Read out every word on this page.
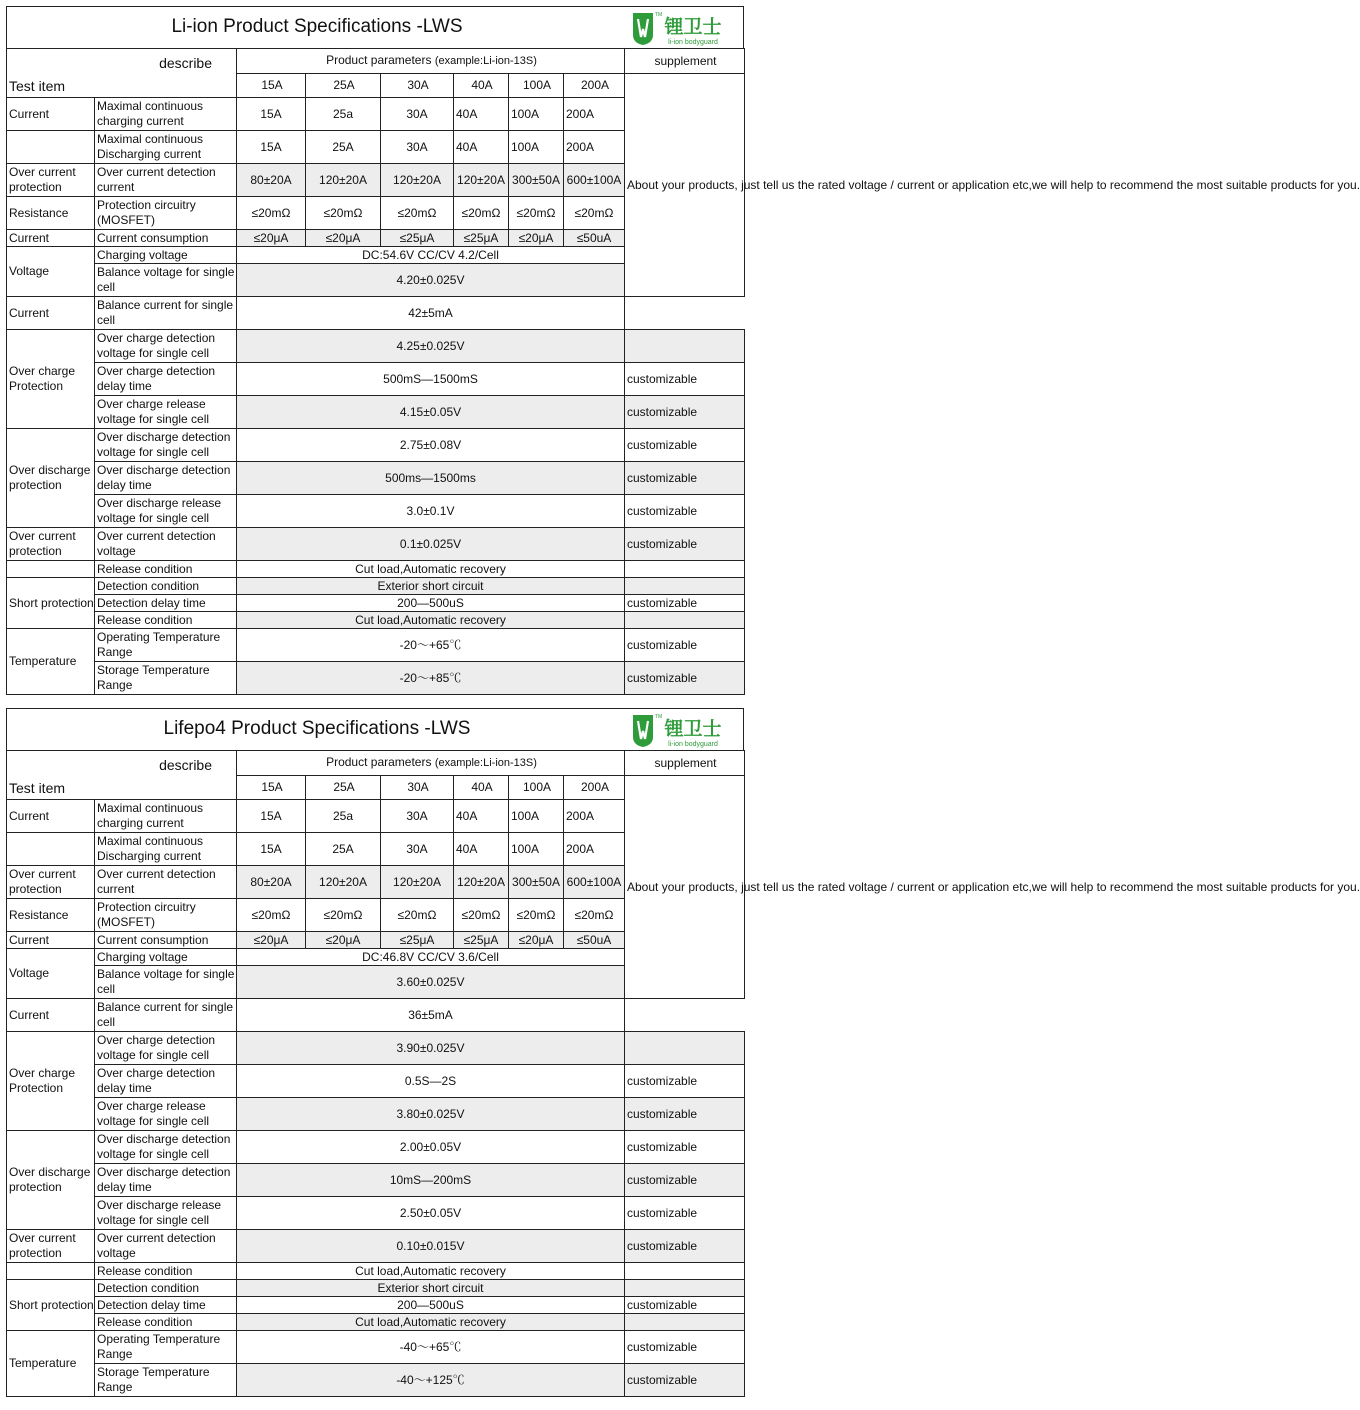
Li-ion Product Specifications -LWS	锂卫士
li-ion bodyguard
TM
describe
Test item		Product parameters (example:Li-ion-13S)						supplement
		15A	25A	30A	40A	100A	200A	About your products, just tell us the rated voltage / current or application etc,we will help to recommend the most suitable products for you.
Current	Maximal continuous charging current	15A	25a	30A	40A	100A	200A	
	Maximal continuous Discharging current	15A	25A	30A	40A	100A	200A	
Over current protection	Over current detection current	80±20A	120±20A	120±20A	120±20A	300±50A	600±100A	
Resistance	Protection circuitry (MOSFET)	≤20mΩ	≤20mΩ	≤20mΩ	≤20mΩ	≤20mΩ	≤20mΩ	
Current	Current consumption	≤20μA	≤20μA	≤25μA	≤25μA	≤20μA	≤50uA	
Voltage	Charging voltage	DC:54.6V CC/CV 4.2/Cell						
	Balance voltage for single cell	4.20±0.025V						
Current	Balance current for single cell	42±5mA						
Over charge Protection	Over charge detection voltage for single cell	4.25±0.025V						
	Over charge detection delay time	500mS—1500mS						customizable
	Over charge release voltage for single cell	4.15±0.05V						customizable
Over discharge protection	Over discharge detection voltage for single cell	2.75±0.08V						customizable
	Over discharge detection delay time	500ms—1500ms						customizable
	Over discharge release voltage for single cell	3.0±0.1V						customizable
Over current protection	Over current detection voltage	0.1±0.025V						customizable
	Release condition	Cut load,Automatic recovery						
Short protection	Detection condition	Exterior short circuit						
	Detection delay time	200—500uS						customizable
	Release condition	Cut load,Automatic recovery						
Temperature	Operating Temperature Range	-20～+65℃						customizable
	Storage Temperature Range	-20～+85℃						customizable
Lifepo4 Product Specifications -LWS	锂卫士
li-ion bodyguard
TM
describe
Test item		Product parameters (example:Li-ion-13S)						supplement
		15A	25A	30A	40A	100A	200A	About your products, just tell us the rated voltage / current or application etc,we will help to recommend the most suitable products for you.
Current	Maximal continuous charging current	15A	25a	30A	40A	100A	200A	
	Maximal continuous Discharging current	15A	25A	30A	40A	100A	200A	
Over current protection	Over current detection current	80±20A	120±20A	120±20A	120±20A	300±50A	600±100A	
Resistance	Protection circuitry (MOSFET)	≤20mΩ	≤20mΩ	≤20mΩ	≤20mΩ	≤20mΩ	≤20mΩ	
Current	Current consumption	≤20μA	≤20μA	≤25μA	≤25μA	≤20μA	≤50uA	
Voltage	Charging voltage	DC:46.8V CC/CV 3.6/Cell						
	Balance voltage for single cell	3.60±0.025V						
Current	Balance current for single cell	36±5mA						
Over charge Protection	Over charge detection voltage for single cell	3.90±0.025V						
	Over charge detection delay time	0.5S—2S						customizable
	Over charge release voltage for single cell	3.80±0.025V						customizable
Over discharge protection	Over discharge detection voltage for single cell	2.00±0.05V						customizable
	Over discharge detection delay time	10mS—200mS						customizable
	Over discharge release voltage for single cell	2.50±0.05V						customizable
Over current protection	Over current detection voltage	0.10±0.015V						customizable
	Release condition	Cut load,Automatic recovery						
Short protection	Detection condition	Exterior short circuit						
	Detection delay time	200—500uS						customizable
	Release condition	Cut load,Automatic recovery						
Temperature	Operating Temperature Range	-40～+65℃						customizable
	Storage Temperature Range	-40～+125℃						customizable
